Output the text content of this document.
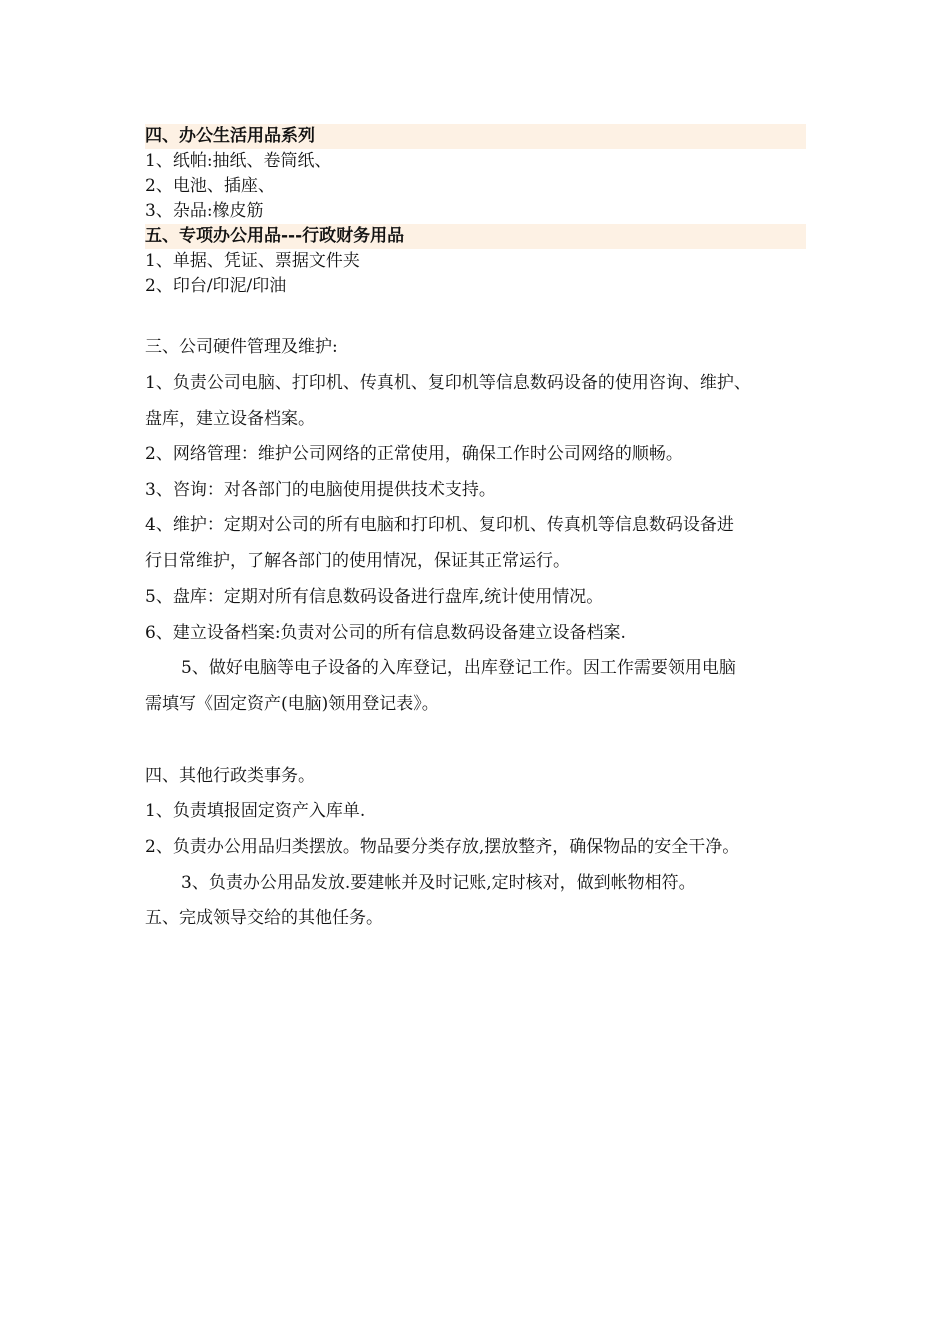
四、办公生活用品系列
1、纸帕:抽纸、卷筒纸、
2、电池、插座、
3、杂品:橡皮筋
五、专项办公用品---行政财务用品
1、单据、凭证、票据文件夹
2、印台/印泥/印油
三、公司硬件管理及维护:
1、负责公司电脑、打印机、传真机、复印机等信息数码设备的使用咨询、维护、
盘库，建立设备档案。
2、网络管理：维护公司网络的正常使用，确保工作时公司网络的顺畅。
3、咨询：对各部门的电脑使用提供技术支持。
4、维护：定期对公司的所有电脑和打印机、复印机、传真机等信息数码设备进
行日常维护，了解各部门的使用情况，保证其正常运行。
5、盘库：定期对所有信息数码设备进行盘库,统计使用情况。
6、建立设备档案:负责对公司的所有信息数码设备建立设备档案.
5、做好电脑等电子设备的入库登记，出库登记工作。因工作需要领用电脑
需填写《固定资产(电脑)领用登记表》。
四、其他行政类事务。
1、负责填报固定资产入库单.
2、负责办公用品归类摆放。物品要分类存放,摆放整齐，确保物品的安全干净。
3、负责办公用品发放.要建帐并及时记账,定时核对，做到帐物相符。
五、完成领导交给的其他任务。
